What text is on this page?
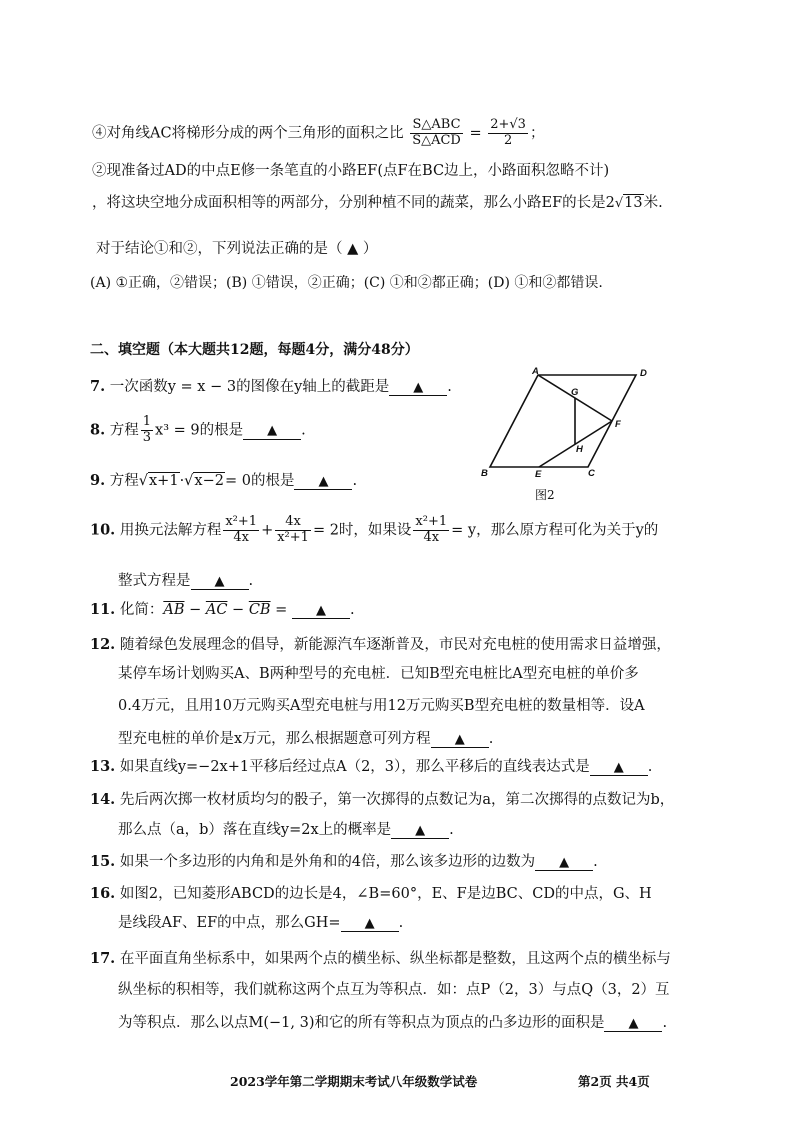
④对角线AC将梯形分成的两个三角形的面积之比 $\frac{\text{S△ABC}}{\text{S△ACD}} = \frac{2+√3}{2}$ ；
②现准备过AD的中点E修一条笔直的小路EF(点F在BC边上，小路面积忽略不计)
，将这块空地分成面积相等的两部分，分别种植不同的蔬菜，那么小路EF的长是2√13米.
对于结论①和②，下列说法正确的是（ ▲ ）
(A) ①正确，②错误；(B) ①错误，②正确；(C) ①和②都正确；(D) ①和②都错误.
二、填空题（本大题共12题，每题4分，满分48分）
7. 一次函数y = x − 3的图像在y轴上的截距是 ▲ .
8. 方程 $\frac{1}{3} x^3 = 9$的根是 ▲ .
9. 方程√x+1·√x−2= 0的根是 ▲ .
10. 用换元法解方程 $\frac{\text{x²+1}}{4x} + \frac{4x}{\text{x²+1}} = 2$时，如果设 $\frac{\text{x²+1}}{4x} = y$，那么原方程可化为关于y的
整式方程是 ▲ .
11. 化简：$\overline{AB} - \overline{AC} - \overline{CB}$ = ▲ .
12. 随着绿色发展理念的倡导，新能源汽车逐渐普及，市民对充电桩的使用需求日益增强，
某停车场计划购买A、B两种型号的充电桩．已知B型充电桩比A型充电桩的单价多
0.4万元，且用10万元购买A型充电桩与用12万元购买B型充电桩的数量相等．设A
型充电桩的单价是x万元，那么根据题意可列方程 ▲ .
13. 如果直线y=−2x+1平移后经过点A（2，3），那么平移后的直线表达式是 ▲ .
14. 先后两次掷一枚材质均匀的骰子，第一次掷得的点数记为a，第二次掷得的点数记为b，
那么点（a，b）落在直线y=2x上的概率是 ▲ .
15. 如果一个多边形的内角和是外角和的4倍，那么该多边形的边数为 ▲ .
16. 如图2，已知菱形ABCD的边长是4，∠B=60°，E、F是边BC、CD的中点，G、H
是线段AF、EF的中点，那么GH= ▲ .
17. 在平面直角坐标系中，如果两个点的横坐标、纵坐标都是整数，且这两个点的横坐标与
纵坐标的积相等，我们就称这两个点互为等积点．如：点P（2，3）与点Q（3，2）互
为等积点．那么以点M(−1, 3)和它的所有等积点为顶点的凸多边形的面积是 ▲ .
A	D
B	C
E
F
G
H
图2
2023学年第二学期期末考试八年级数学试卷	第2页 共4页
